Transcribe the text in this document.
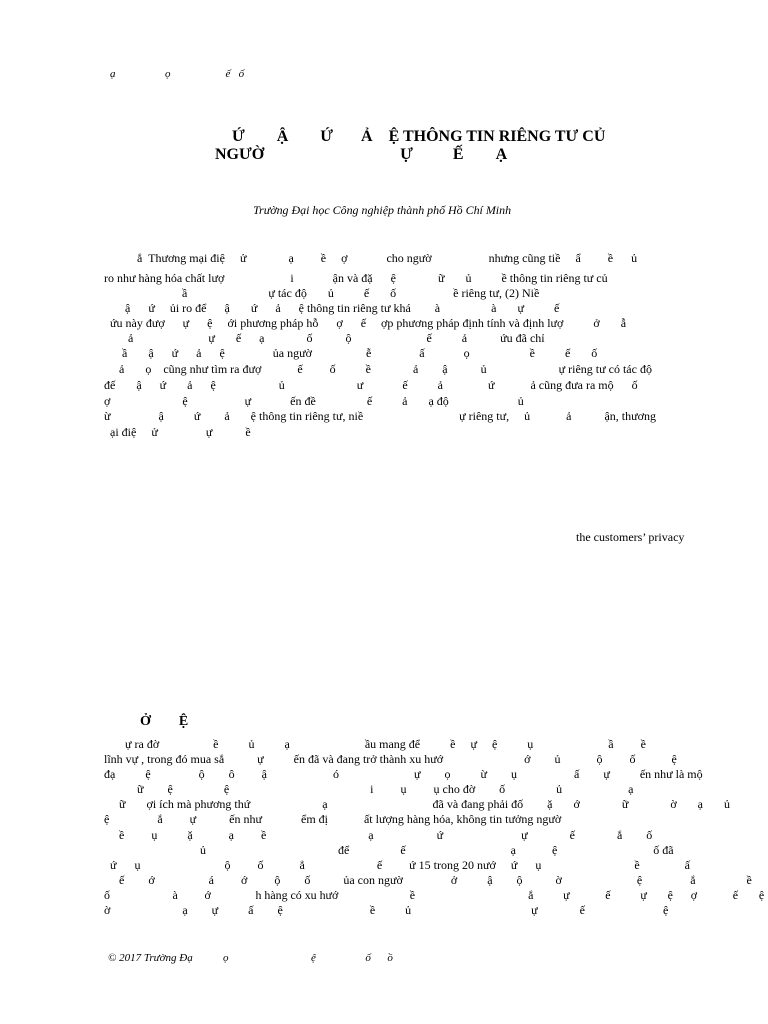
ạ                  ọ                    ế   ố
Ứ        Ậ        Ứ       Ả    Ệ THÔNG TIN RIÊNG TƯ CỦ
NGƯỜ                                  Ự          Ế        Ạ
Trường Đại học Công nghiệp thành phố Hồ Chí Minh
ắ  Thương mại điệ     ử              ạ         ề     ợ             cho ngườ                   nhưng cũng tiề     ẩ         ề      ủ
ro như hàng hóa chất lượ                      i             ận và đặ      ệ              ữ       ủ          ề thông tin riêng tư củ
ầ                           ự tác độ       ủ          ế       ố                   ề riêng tư, (2) Niề
ậ      ứ     ủi ro để      ậ       ứ      ả      ệ thông tin riêng tư khá        à                 à       ự          ế
ứu này đượ      ự      ệ     ới phương pháp hỗ      ợ      ế     ợp phương pháp định tính và định lượ          ở       ẫ
ả                         ự       ế      ạ              ố           ộ                         ế          ả           ứu đã chỉ
ầ       ậ      ứ      ả      ệ                ủa ngườ                  ễ                ấ             ọ                    ề          ế       ố
ả       ọ    cũng như tìm ra đượ            ế         ố          ề              ả        ậ           ủ                        ự riêng tư có tác độ
đế       ậ      ứ       ả      ệ                     ủ                        ư             ế          ả               ứ            ả cũng đưa ra mộ      ố
ợ                        ệ                   ự             ến đề                 ế          ả       ạ độ                       ủ
ừ                ậ          ứ        ả       ệ thông tin riêng tư, niề                                ự riêng tư,     ủ            ả           ận, thương
ại điệ     ử                ự           ề
the customers’ privacy
Ở        Ệ
ự ra đờ                  ề          ủ          ạ                         ầu mang để          ề     ự     ệ          ụ                         ầ         ề
lĩnh vự , trong đó mua sắ           ự          ến đã và đang trở thành xu hướ                           ớ        ủ            ộ         ố            ệ
đạ          ệ                ộ        ô         ậ                      ó                         ự        ọ          ừ        ụ                   ấ        ự          ến như là mộ
ữ        ệ                 ệ                                               i         ụ         ụ cho đờ        ố                 ủ                      ạ
ữ       ợi ích mà phương thứ                        ạ                                   đã và đang phải đố        ặ       ớ              ữ              ờ       ạ       ủ
ệ                ắ         ự           ến như             ểm đị            ất lượng hàng hóa, không tin tưởng ngườ
ề         ụ          ặ            ạ         ề                                  ạ                     ứ                          ự              ế              ắ        ố
ủ                                            để                 ế                                   ạ            ệ                                ố đã
ứ      ụ                            ộ         ố            ẳ                        ế         ứ 15 trong 20 nướ     ứ      ụ                               ề               ấ
ế        ớ                  á         ớ         ộ        ố           ủa con ngườ                ở          ậ        ộ           ờ                         ệ                ắ                 ề
ố                     à         ớ               h hàng có xu hướ                        ề                                      ắ          ự            ế          ự       ệ      ợ            ế       ệ
ờ                        ạ        ự          ấ        ệ                             ề          ủ                                        ự              ế                          ệ
© 2017 Trường Đạ           ọ                              ệ                  ố      ồ
